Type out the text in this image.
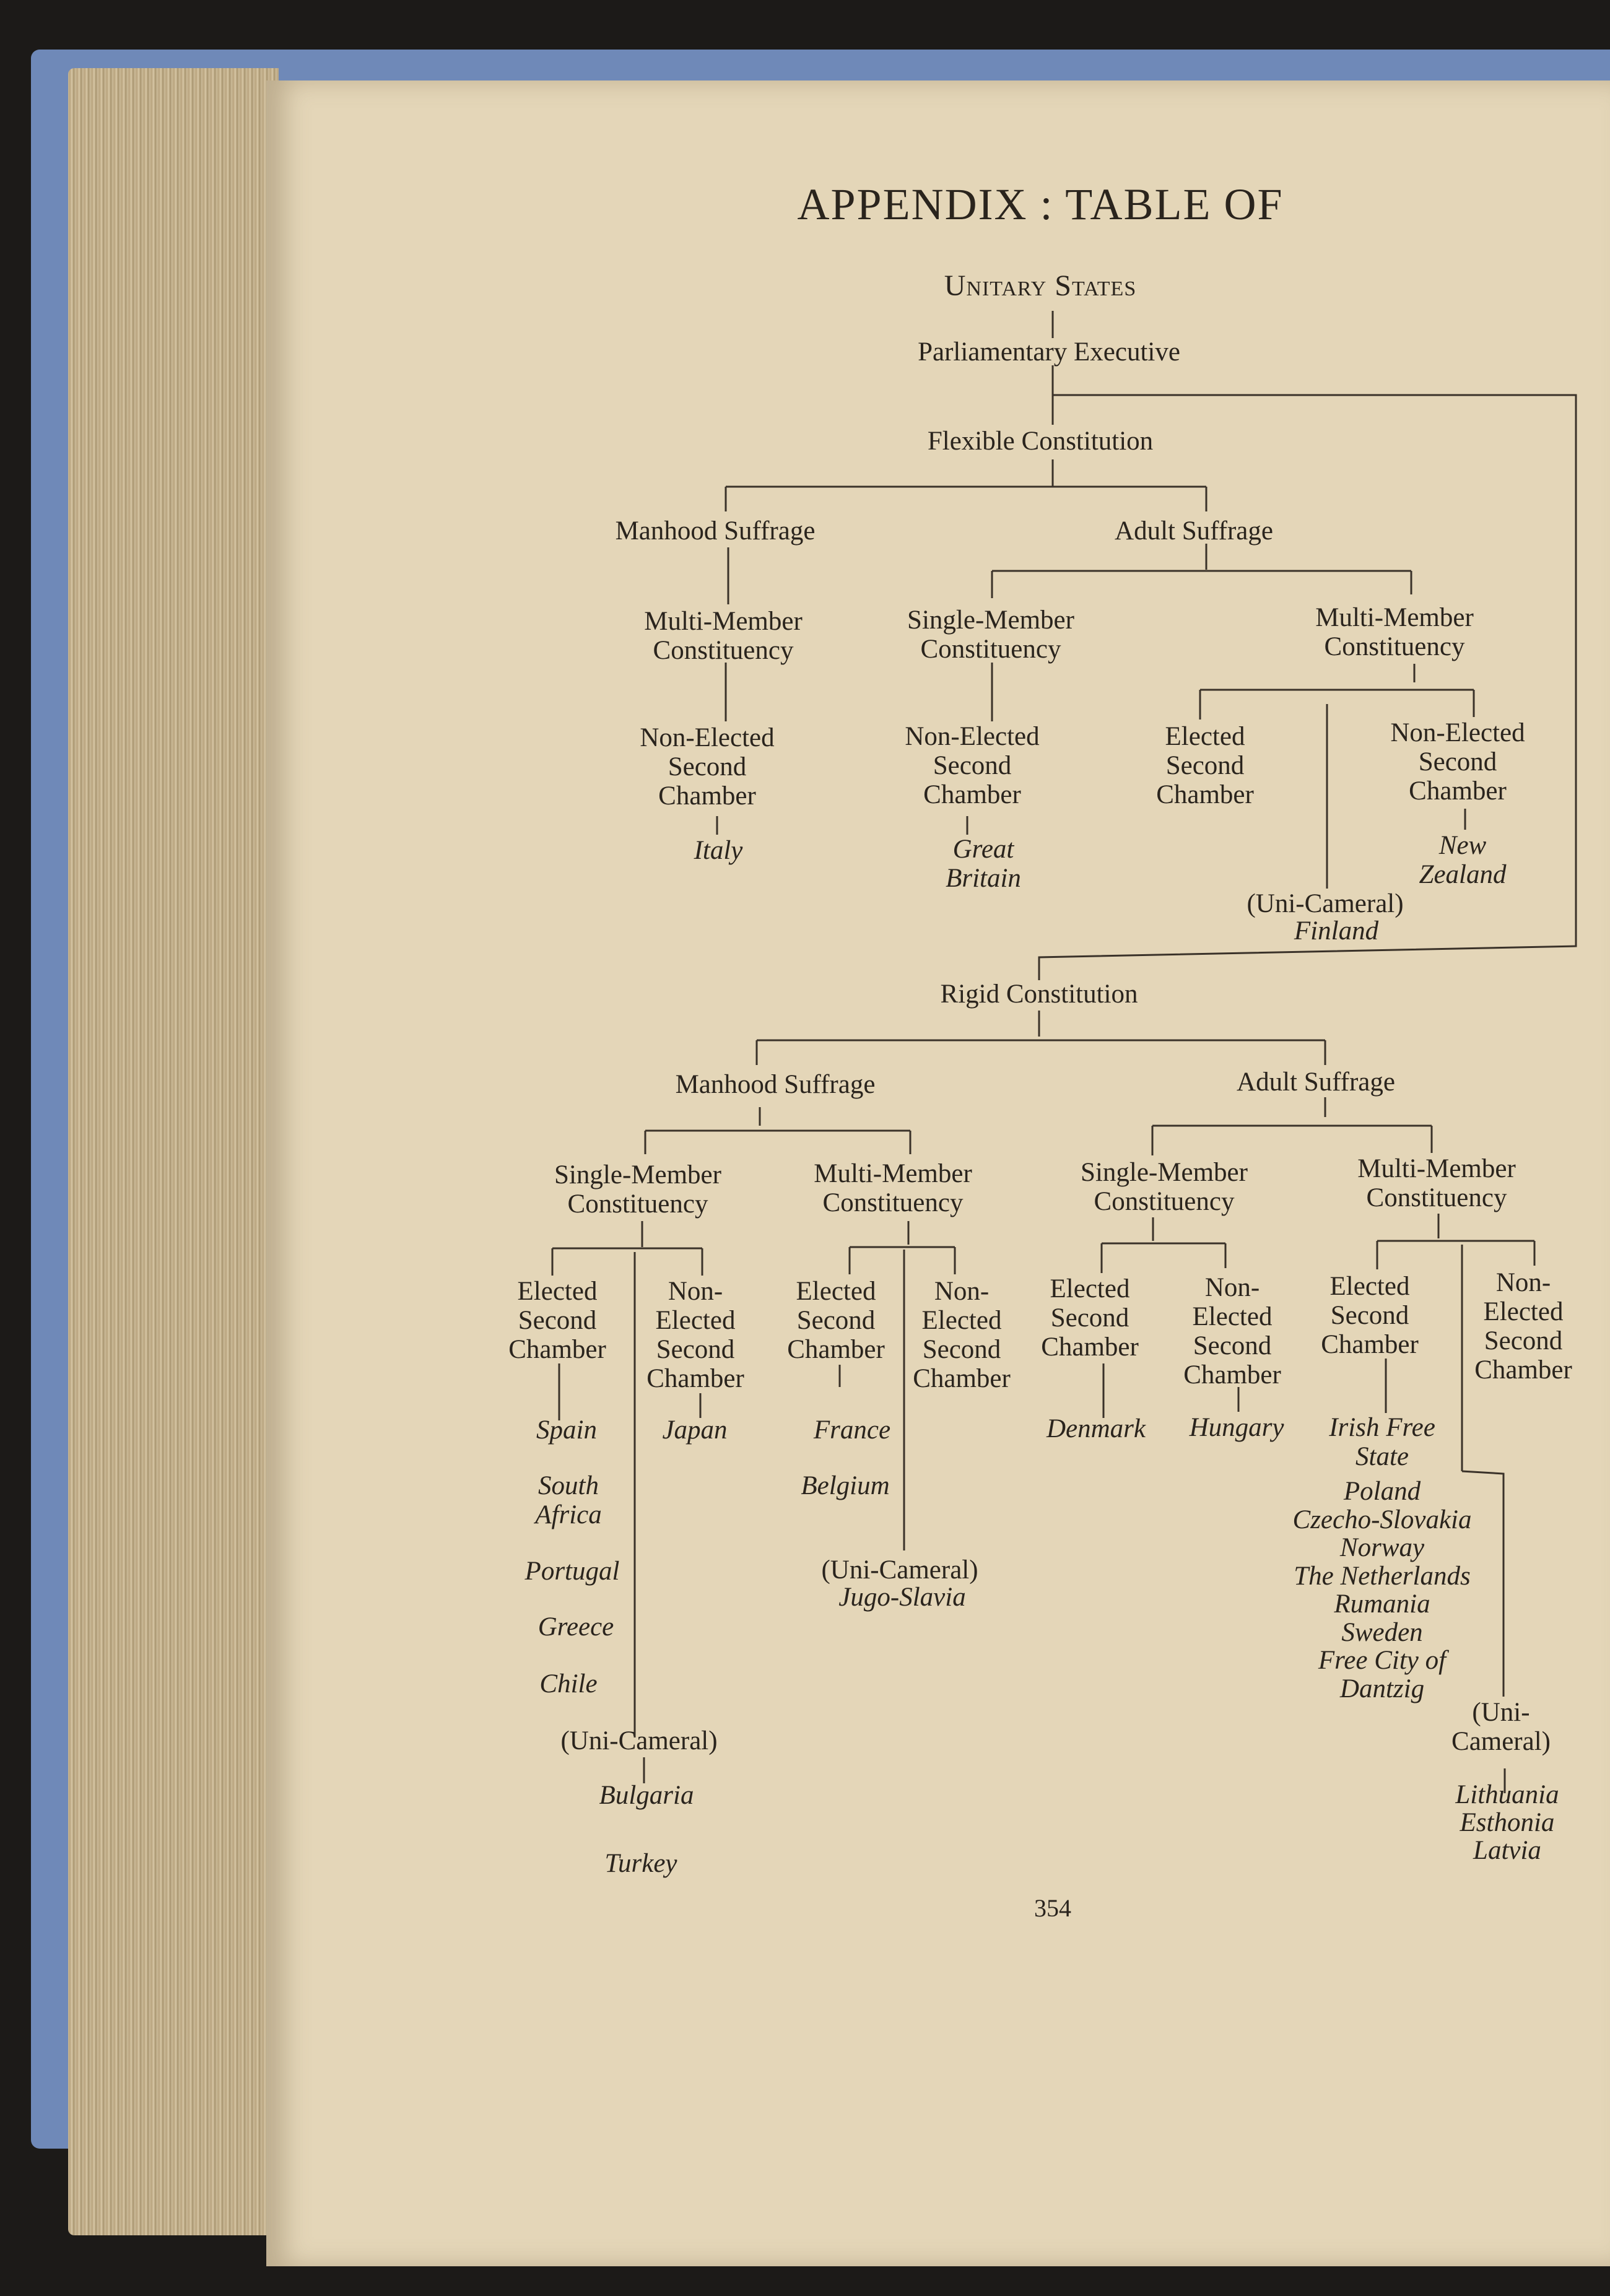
APPENDIX : TABLE OF
Unitary States
Parliamentary Executive
Flexible Constitution
Manhood Suffrage	Adult Suffrage
Multi-Member
Constituency
Non-Elected
Second
Chamber
Italy
Single-Member
Constituency
Non-Elected
Second
Chamber
Great
Britain
Multi-Member
Constituency
Elected
Second
Chamber
Non-Elected
Second
Chamber
New
Zealand
(Uni-Cameral)
Finland
Rigid Constitution
Manhood Suffrage	Adult Suffrage
Single-Member
Constituency
Multi-Member
Constituency
Single-Member
Constituency
Multi-Member
Constituency
Elected
Second
Chamber
Non-
Elected
Second
Chamber
Elected
Second
Chamber
Non-
Elected
Second
Chamber
Elected
Second
Chamber
Non-
Elected
Second
Chamber
Elected
Second
Chamber
Non-
Elected
Second
Chamber
Spain
South
Africa
Portugal
Greece
Chile
(Uni-Cameral)
Bulgaria
Turkey
Japan	France
Belgium
(Uni-Cameral)
Jugo-Slavia
Denmark Hungary Irish Free
State
Poland
Czecho-Slovakia
Norway
The Netherlands
Rumania
Sweden
Free City of
Dantzig
(Uni-
Cameral)
Lithuania
Esthonia
Latvia
354
